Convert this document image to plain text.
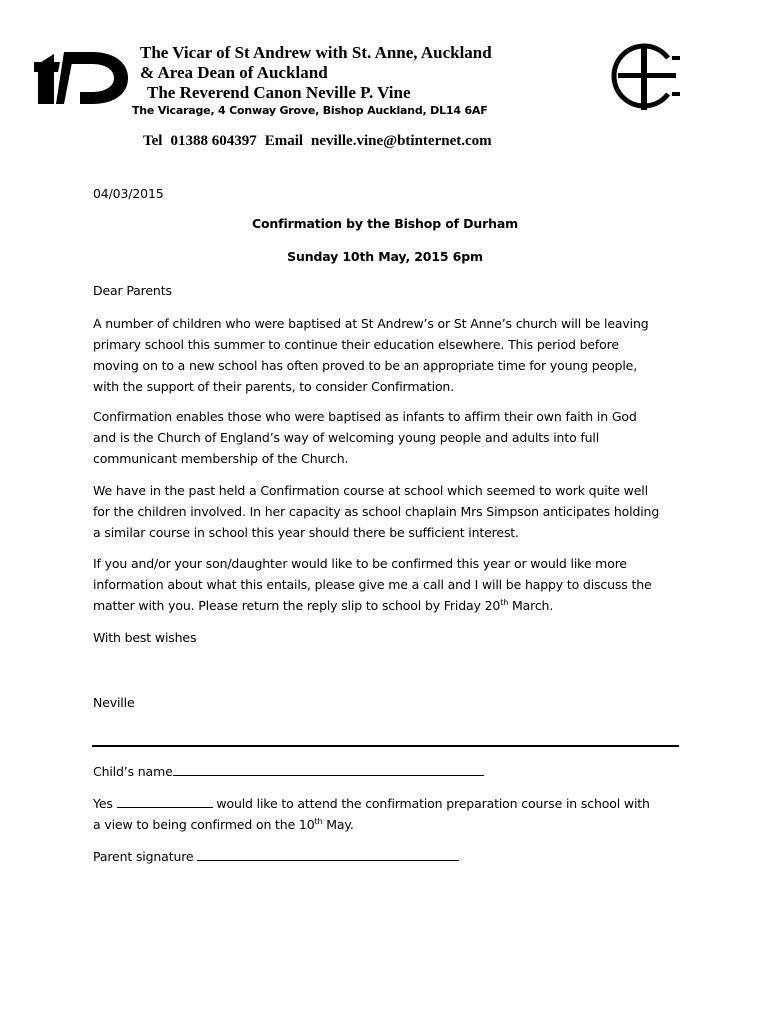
The Vicar of St Andrew with St. Anne, Auckland
& Area Dean of Auckland
The Reverend Canon Neville P. Vine
The Vicarage, 4 Conway Grove, Bishop Auckland, DL14 6AF
Tel 01388 604397 Email neville.vine@btinternet.com
04/03/2015
Confirmation by the Bishop of Durham
Sunday 10th May, 2015 6pm
Dear Parents
A number of children who were baptised at St Andrew’s or St Anne’s church will be leaving
primary school this summer to continue their education elsewhere. This period before
moving on to a new school has often proved to be an appropriate time for young people,
with the support of their parents, to consider Confirmation.
Confirmation enables those who were baptised as infants to affirm their own faith in God
and is the Church of England’s way of welcoming young people and adults into full
communicant membership of the Church.
We have in the past held a Confirmation course at school which seemed to work quite well
for the children involved. In her capacity as school chaplain Mrs Simpson anticipates holding
a similar course in school this year should there be sufficient interest.
If you and/or your son/daughter would like to be confirmed this year or would like more
information about what this entails, please give me a call and I will be happy to discuss the
matter with you. Please return the reply slip to school by Friday 20th March.
With best wishes
Neville
Child’s name
Yes	would like to attend the confirmation preparation course in school with
a view to being confirmed on the 10th May.
Parent signature
